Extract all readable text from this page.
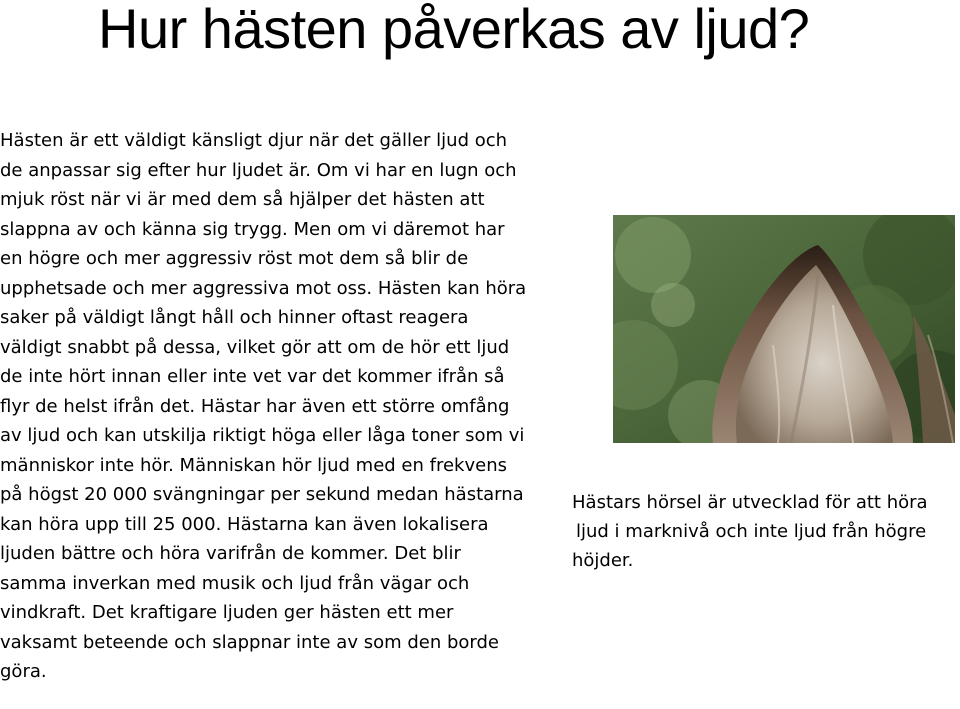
Hur hästen påverkas av ljud?

Hästen är ett väldigt känsligt djur när det gäller ljud och de anpassar sig efter hur ljudet är. Om vi har en lugn och mjuk röst när vi är med dem så hjälper det hästen att slappna av och känna sig trygg. Men om vi däremot har en högre och mer aggressiv röst mot dem så blir de upphetsade och mer aggressiva mot oss. Hästen kan höra saker på väldigt långt håll och hinner oftast reagera väldigt snabbt på dessa, vilket gör att om de hör ett ljud de inte hört innan eller inte vet var det kommer ifrån så flyr de helst ifrån det. Hästar har även ett större omfång av ljud och kan utskilja riktigt höga eller låga toner som vi människor inte hör. Människan hör ljud med en frekvens på högst 20 000 svängningar per sekund medan hästarna kan höra upp till 25 000. Hästarna kan även lokalisera ljuden bättre och höra varifrån de kommer. Det blir samma inverkan med musik och ljud från vägar och vindkraft. Det kraftigare ljuden ger hästen ett mer vaksamt beteende och slappnar inte av som den borde göra.

Hästars hörsel är utvecklad för att höra
ljud i marknivå och inte ljud från högre
höjder.
